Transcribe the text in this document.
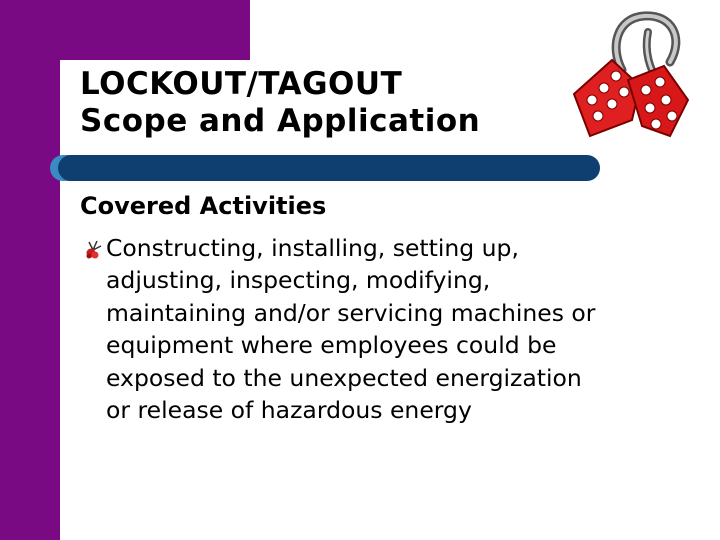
LOCKOUT/TAGOUT
Scope and Application
Covered Activities

Constructing, installing, setting up,
adjusting, inspecting, modifying,
maintaining and/or servicing machines or
equipment where employees could be
exposed to the unexpected energization
or release of hazardous energy
